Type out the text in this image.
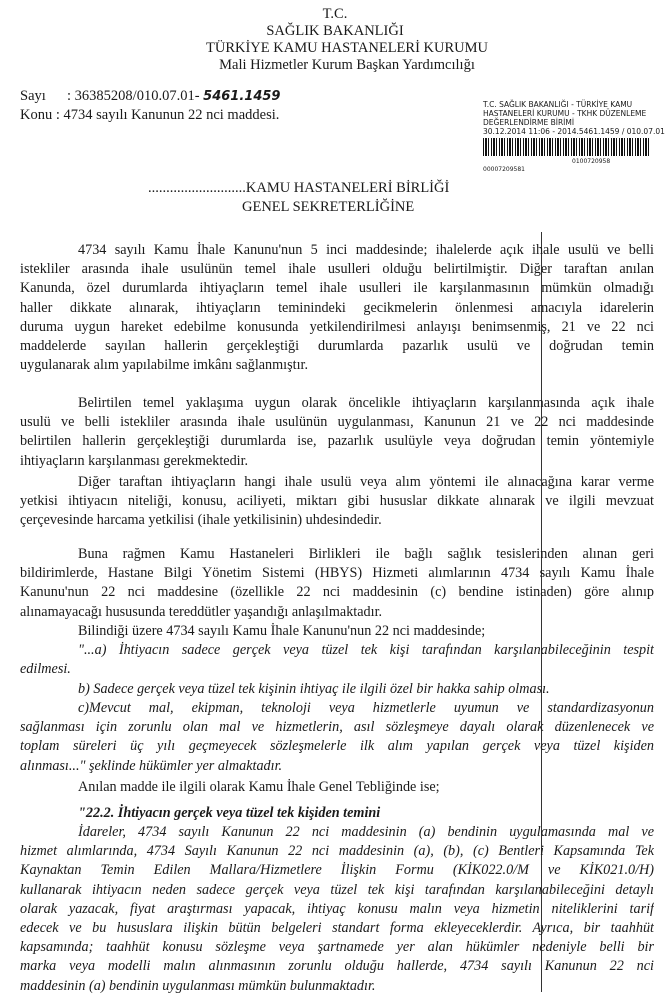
T.C.
SAĞLIK BAKANLIĞI
TÜRKİYE KAMU HASTANELERİ KURUMU
Mali Hizmetler Kurum Başkan Yardımcılığı
Sayı : 36385208/010.07.01- 5461.1459
Konu : 4734 sayılı Kanunun 22 nci maddesi.
T.C. SAĞLIK BAKANLIĞI - TÜRKİYE KAMU
HASTANELERİ KURUMU - TKHK DÜZENLEME
DEĞERLENDİRME BİRİMİ
30.12.2014 11:06 - 2014.5461.1459 / 010.07.01
00007209581
0100720958
...........................KAMU HASTANELERİ BİRLİĞİ
GENEL SEKRETERLİĞİNE
4734 sayılı Kamu İhale Kanunu'nun 5 inci maddesinde; ihalelerde açık ihale usulü ve belli
istekliler arasında ihale usulünün temel ihale usulleri olduğu belirtilmiştir. Diğer taraftan anılan
Kanunda, özel durumlarda ihtiyaçların temel ihale usulleri ile karşılanmasının mümkün olmadığı
haller dikkate alınarak, ihtiyaçların teminindeki gecikmelerin önlenmesi amacıyla idarelerin
duruma uygun hareket edebilme konusunda yetkilendirilmesi anlayışı benimsenmiş, 21 ve 22 nci
maddelerde sayılan hallerin gerçekleştiği durumlarda pazarlık usulü ve doğrudan temin
uygulanarak alım yapılabilme imkânı sağlanmıştır.
Belirtilen temel yaklaşıma uygun olarak öncelikle ihtiyaçların karşılanmasında açık ihale
usulü ve belli istekliler arasında ihale usulünün uygulanması, Kanunun 21 ve 22 nci maddesinde
belirtilen hallerin gerçekleştiği durumlarda ise, pazarlık usulüyle veya doğrudan temin yöntemiyle
ihtiyaçların karşılanması gerekmektedir.
Diğer taraftan ihtiyaçların hangi ihale usulü veya alım yöntemi ile alınacağına karar verme
yetkisi ihtiyacın niteliği, konusu, aciliyeti, miktarı gibi hususlar dikkate alınarak ve ilgili mevzuat
çerçevesinde harcama yetkilisi (ihale yetkilisinin) uhdesindedir.
Buna rağmen Kamu Hastaneleri Birlikleri ile bağlı sağlık tesislerinden alınan geri
bildirimlerde, Hastane Bilgi Yönetim Sistemi (HBYS) Hizmeti alımlarının 4734 sayılı Kamu İhale
Kanunu'nun 22 nci maddesine (özellikle 22 nci maddesinin (c) bendine istinaden) göre alınıp
alınamayacağı hususunda tereddütler yaşandığı anlaşılmaktadır.
Bilindiği üzere 4734 sayılı Kamu İhale Kanunu'nun 22 nci maddesinde;
"...a) İhtiyacın sadece gerçek veya tüzel tek kişi tarafından karşılanabileceğinin tespit
edilmesi.
b) Sadece gerçek veya tüzel tek kişinin ihtiyaç ile ilgili özel bir hakka sahip olması.
c)Mevcut mal, ekipman, teknoloji veya hizmetlerle uyumun ve standardizasyonun
sağlanması için zorunlu olan mal ve hizmetlerin, asıl sözleşmeye dayalı olarak düzenlenecek ve
toplam süreleri üç yılı geçmeyecek sözleşmelerle ilk alım yapılan gerçek veya tüzel kişiden
alınması..." şeklinde hükümler yer almaktadır.
Anılan madde ile ilgili olarak Kamu İhale Genel Tebliğinde ise;
"22.2. İhtiyacın gerçek veya tüzel tek kişiden temini
İdareler, 4734 sayılı Kanunun 22 nci maddesinin (a) bendinin uygulamasında mal ve
hizmet alımlarında, 4734 Sayılı Kanunun 22 nci maddesinin (a), (b), (c) Bentleri Kapsamında Tek
Kaynaktan Temin Edilen Mallara/Hizmetlere İlişkin Formu (KİK022.0/M ve KİK021.0/H)
kullanarak ihtiyacın neden sadece gerçek veya tüzel tek kişi tarafından karşılanabileceğini detaylı
olarak yazacak, fiyat araştırması yapacak, ihtiyaç konusu malın veya hizmetin niteliklerini tarif
edecek ve bu hususlara ilişkin bütün belgeleri standart forma ekleyeceklerdir. Ayrıca, bir taahhüt
kapsamında; taahhüt konusu sözleşme veya şartnamede yer alan hükümler nedeniyle belli bir
marka veya modelli malın alınmasının zorunlu olduğu hallerde, 4734 sayılı Kanunun 22 nci
maddesinin (a) bendinin uygulanması mümkün bulunmaktadır.
